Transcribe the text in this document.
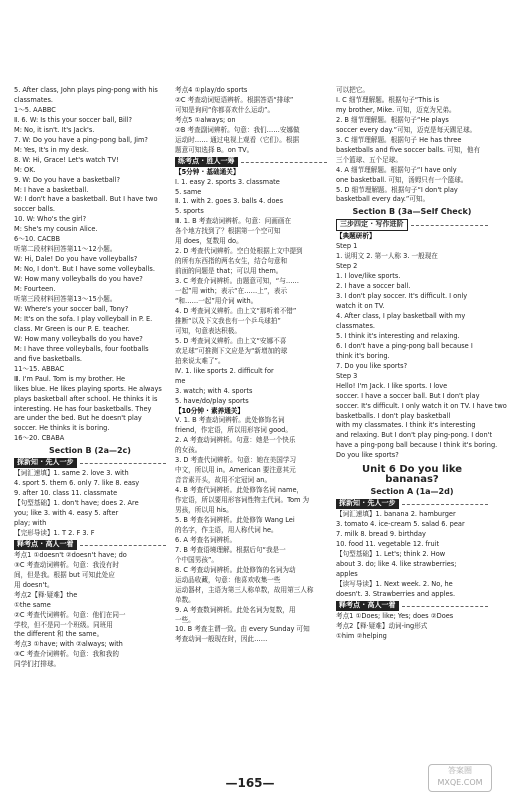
5. After class, John plays ping-pong with his
classmates.
1～5. AABBC
Ⅱ. 6. W: Is this your soccer ball, Bill?
M: No, it isn't. It's Jack's.
7. W: Do you have a ping-pong ball, Jim?
M: Yes, It's in my desk.
8. W: Hi, Grace! Let's watch TV!
M: OK.
9. W: Do you have a basketball?
M: I have a basketball.
W: I don't have a basketball. But I have two
soccer balls.
10. W: Who's the girl?
M: She's my cousin Alice.
6～10. CACBB
听第二段材料回答第11～12小题。
W: Hi, Dale! Do you have volleyballs?
M: No, I don't. But I have some volleyballs.
W: How many volleyballs do you have?
M: Fourteen.
听第三段材料回答第13～15小题。
W: Where's your soccer ball, Tony?
M: It's on the sofa. I play volleyball in P. E.
class. Mr Green is our P. E. teacher.
W: How many volleyballs do you have?
M: I have three volleyballs, four footballs
and five basketballs.
11～15. ABBAC
Ⅲ. I'm Paul. Tom is my brother. He
likes blue. He likes playing sports. He always
plays basketball after school. He thinks it is
interesting. He has four basketballs. They
are under the bed. But he doesn't play
soccer. He thinks it is boring.
16～20. CBABA
Section B (2a—2c)
探新知 · 先人一步
【词汇速填】1. same 2. love 3. with
4. sport 5. them 6. only 7. like 8. easy
9. after 10. class 11. classmate
【句型基础】1. don't have; does 2. Are
you; like 3. with 4. easy 5. after
play; with
【完形导读】1. T 2. F 3. F
释考点 · 高人一着
考点1 ①doesn't ②doesn't have; do
③C 考查动词辨析。句意：我没有时
间，但是我。根据 but 可知此处应
用 doesn't。
考点2【释·疑难】the
①the same
②C 考查代词辨析。句意：他们在同一
学校，但不是同一个班级。同班用
the different 和 the same。
考点3 ①have; with ②always; with
③C 考查介词辨析。句意：我和我的
同学们打排球。
考点4 ①play/do sports
②C 考查动词短语辨析。根据答语“排球”
可知是询问“你都喜欢什么运动”。
考点5 ①always; on
②B 考查副词辨析。句意：我们……安娜做
运动时…… 通过电视上观看（它们）。根据
题意可知选择 B。on TV。
练考点 · 胜人一筹
【5分钟 · 基础通关】
Ⅰ. 1. easy 2. sports 3. classmate
5. same
Ⅱ. 1. with 2. goes 3. balls 4. does
5. sports
Ⅲ. 1. B 考查动词辨析。句意：问画画在
各个地方找到了？根据第一个空可知
用 does，复数用 do。
2. D 考查代词辨析。空白处根据上文中提到
的所有东西指的两名女生，结合句意和
前面的问题是 that；可以用 them。
3. C 考查介词辨析。由题意可知，“与……
一起”用 with；表示“在……上”，表示
“和……一起”用介词 with。
4. D 考查词义辨析。由上文“那听着不错”
推断“以及下文我也有一个乒乓球拍”
可知，句意表达积极。
5. D 考查词义辨析。由上文“安娜不喜
欢足球”可推测下文应是为“新增加的球
拍来说太难了”。
Ⅳ. 1. like sports 2. difficult for
me
3. watch; with 4. sports
5. have/do/play sports
【10分钟 · 素养通关】
Ⅴ. 1. B 考查动词辨析。此处修饰名词
friend，作定语，所以用形容词 good。
2. A 考查动词辨析。句意：她是一个快乐
的女孩。
3. D 考查代词辨析。句意：她在美国学习
中文，所以用 in。American 要注意其元
音音素开头，故用不定冠词 an。
4. B 考查代词辨析。此处修饰名词 name，
作定语，所以要用形容词性物主代词。Tom 为
男孩，所以用 his。
5. B 考查名词辨析。此处修饰 Wang Lei
的名字，作主语，用人称代词 he。
6. A 考查名词辨析。
7. B 考查语境理解。根据后句“我是一
个中国男孩”。
8. C 考查动词辨析。此处修饰的名词为动
运动品收藏，句意：他喜欢收集一些
运动器材，主语为第三人称单数，故用第三人称
单数。
9. A 考查数词辨析。此处名词为复数，用
一些。
10. B 考查主谓一致。由 every Sunday 可知
考查动词一般现在时，因此……
可以把它。
Ⅰ. C 细节理解题。根据句子“This is
my brother, Mike. 可知，迈克为兄弟。
2. B 细节理解题。根据句子“He plays
soccer every day.”可知，迈克是每天踢足球。
3. C 细节理解题。根据句子 He has three
basketballs and five soccer balls. 可知，他有
三个篮球、五个足球。
4. A 细节理解题。根据句子“I have only
one basketball. 可知，汤姆只有一个篮球。
5. D 细节理解题。根据句子“I don't play
basketball every day.”可知。
Section B (3a—Self Check)
三步四定 · 写作进阶
【典题研析】
Step 1
1. 说明文 2. 第一人称 3. 一般现在
Step 2
1. I love/like sports.
2. I have a soccer ball.
3. I don't play soccer. It's difficult. I only
watch it on TV.
4. After class, I play basketball with my
classmates.
5. I think it's interesting and relaxing.
6. I don't have a ping-pong ball because I
think it's boring.
7. Do you like sports?
Step 3
Hello! I'm Jack. I like sports. I love
soccer. I have a soccer ball. But I don't play
soccer. It's difficult. I only watch it on TV. I have two
basketballs. I don't play basketball
with my classmates. I think it's interesting
and relaxing. But I don't play ping-pong. I don't
have a ping-pong ball because I think it's boring.
Do you like sports?
Unit 6 Do you like bananas?
Section A (1a—2d)
探新知 · 先人一步
【词汇速填】1. banana 2. hamburger
3. tomato 4. ice-cream 5. salad 6. pear
7. milk 8. bread 9. birthday
10. food 11. vegetable 12. fruit
【句型基础】1. Let's; think 2. How
about 3. do; like 4. like strawberries;
apples
【读写导读】1. Next week. 2. No, he
doesn't. 3. Strawberries and apples.
释考点 · 高人一着
考点1 ①Does; like; Yes; does ②Does
考点2【释·疑难】动词-ing形式
①him ②helping
—165—
答案圈 MXQE.COM
